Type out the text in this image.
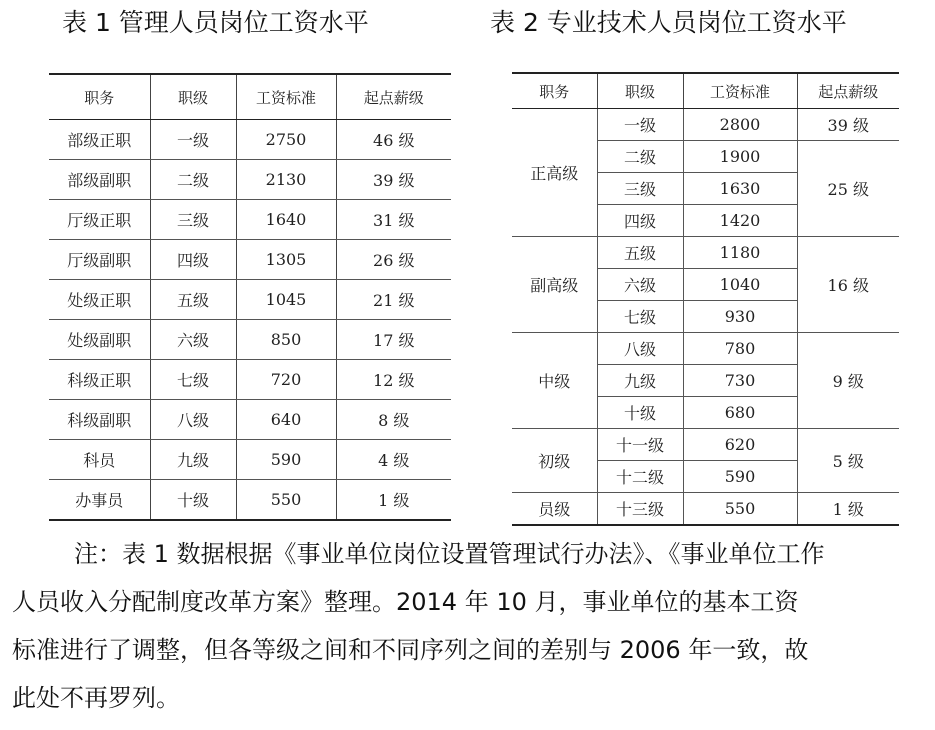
表 1 管理人员岗位工资水平	表 2 专业技术人员岗位工资水平
职务	职级	工资标准	起点薪级
部级正职	一级	2750	46 级
部级副职	二级	2130	39 级
厅级正职	三级	1640	31 级
厅级副职	四级	1305	26 级
处级正职	五级	1045	21 级
处级副职	六级	850	17 级
科级正职	七级	720	12 级
科级副职	八级	640	8 级
科员	九级	590	4 级
办事员	十级	550	1 级
职务	职级	工资标准	起点薪级
正高级	一级	2800	39 级
	二级	1900	25 级
	三级	1630	
	四级	1420	
副高级	五级	1180	16 级
	六级	1040	
	七级	930	
中级	八级	780	9 级
	九级	730	
	十级	680	
初级	十一级	620	5 级
	十二级	590	
员级	十三级	550	1 级
注：表 1 数据根据《事业单位岗位设置管理试行办法》、《事业单位工作
人员收入分配制度改革方案》整理。2014 年 10 月，事业单位的基本工资
标准进行了调整，但各等级之间和不同序列之间的差别与 2006 年一致，故
此处不再罗列。
